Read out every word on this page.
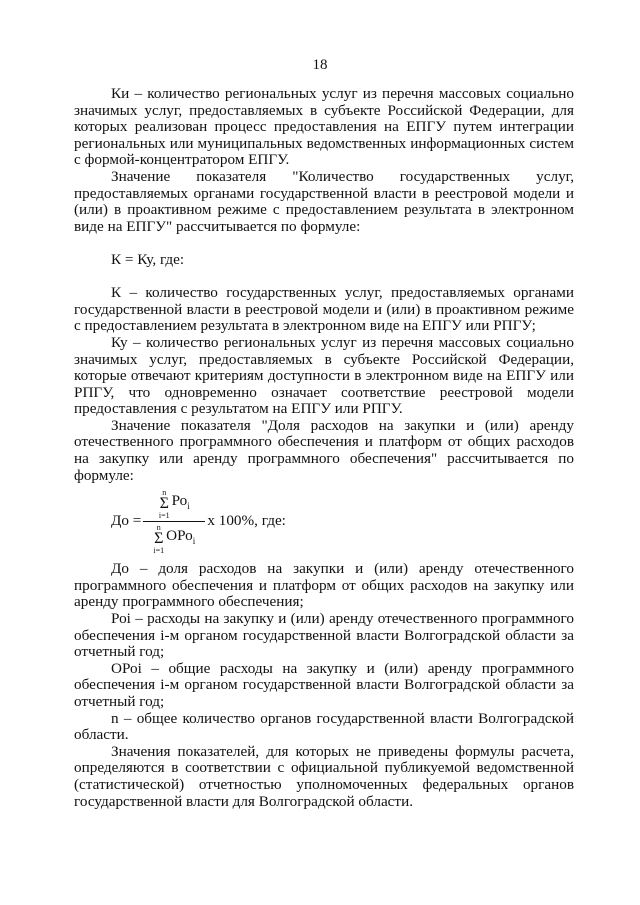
18

Ки – количество региональных услуг из перечня массовых социально значимых услуг, предоставляемых в субъекте Российской Федерации, для которых реализован процесс предоставления на ЕПГУ путем интеграции региональных или муниципальных ведомственных информационных систем с формой-концентратором ЕПГУ.

Значение показателя "Количество государственных услуг, предоставляемых органами государственной власти в реестровой модели и (или) в проактивном режиме с предоставлением результата в электронном виде на ЕПГУ" рассчитывается по формуле:

К = Ку, где:

К – количество государственных услуг, предоставляемых органами государственной власти в реестровой модели и (или) в проактивном режиме с предоставлением результата в электронном виде на ЕПГУ или РПГУ;

Ку – количество региональных услуг из перечня массовых социально значимых услуг, предоставляемых в субъекте Российской Федерации, которые отвечают критериям доступности в электронном виде на ЕПГУ или РПГУ, что одновременно означает соответствие реестровой модели предоставления с результатом на ЕПГУ или РПГУ.

Значение показателя "Доля расходов на закупки и (или) аренду отечественного программного обеспечения и платформ от общих расходов на закупку или аренду программного обеспечения" рассчитывается по формуле:

До = n
Σ
i=1
$Ро_i$
n
Σ
i=1
ОРо$_i$ х 100%, где:

До – доля расходов на закупки и (или) аренду отечественного программного обеспечения и платформ от общих расходов на закупку или аренду программного обеспечения;

Роi – расходы на закупку и (или) аренду отечественного программного обеспечения i-м органом государственной власти Волгоградской области за отчетный год;

ОРоi – общие расходы на закупку и (или) аренду программного обеспечения i-м органом государственной власти Волгоградской области за отчетный год;

n – общее количество органов государственной власти Волгоградской области.

Значения показателей, для которых не приведены формулы расчета, определяются в соответствии с официальной публикуемой ведомственной (статистической) отчетностью уполномоченных федеральных органов государственной власти для Волгоградской области.
